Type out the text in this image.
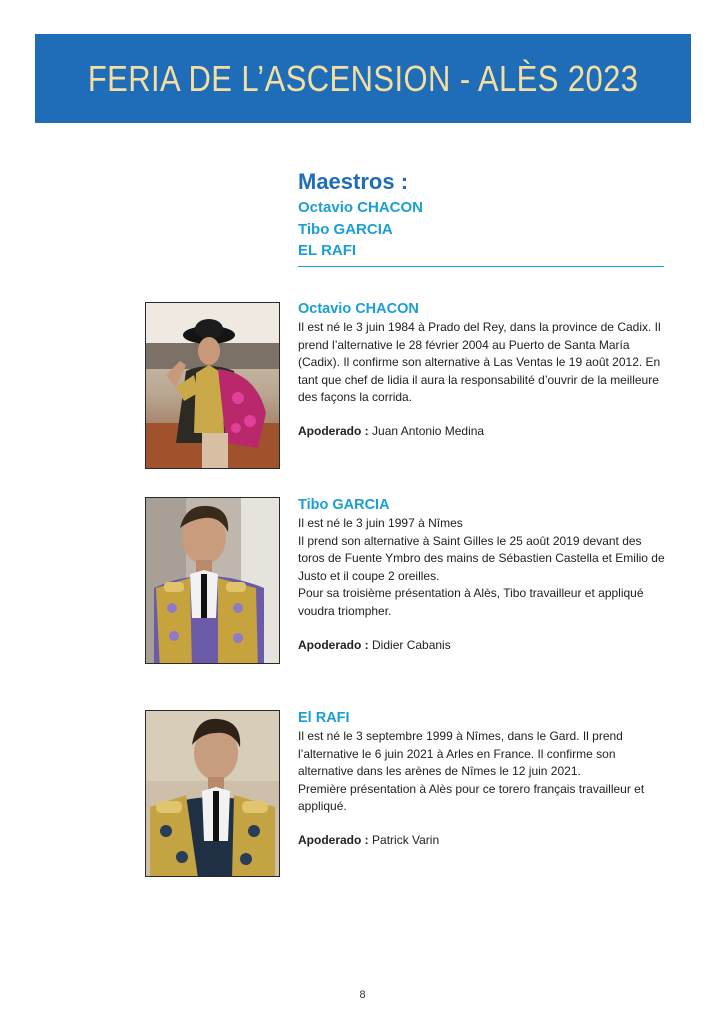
FERIA DE L’ASCENSION - ALÈS 2023
Maestros :
Octavio CHACON
Tibo GARCIA
EL RAFI
Octavio CHACON

Il est né le 3 juin 1984 à Prado del Rey, dans la province de Cadix. Il prend l’alternative le 28 février 2004 au Puerto de Santa María (Cadix). Il confirme son alternative à Las Ventas le 19 août 2012. En tant que chef de lidia il aura la responsabilité d’ouvrir de la meilleure des façons la corrida.

Apoderado : Juan Antonio Medina
Tibo GARCIA

Il est né le 3 juin 1997 à Nîmes

Il prend son alternative à Saint Gilles le 25 août 2019 devant des toros de Fuente Ymbro des mains de Sébastien Castella et Emilio de Justo et il coupe 2 oreilles.

Pour sa troisième présentation à Alès, Tibo travailleur et appliqué voudra triompher.

Apoderado : Didier Cabanis
El RAFI

Il est né le 3 septembre 1999 à Nîmes, dans le Gard. Il prend l’alternative le 6 juin 2021 à Arles en France. Il confirme son alternative dans les arènes de Nîmes le 12 juin 2021.

Première présentation à Alès pour ce torero français travailleur et appliqué.

Apoderado : Patrick Varin
8
